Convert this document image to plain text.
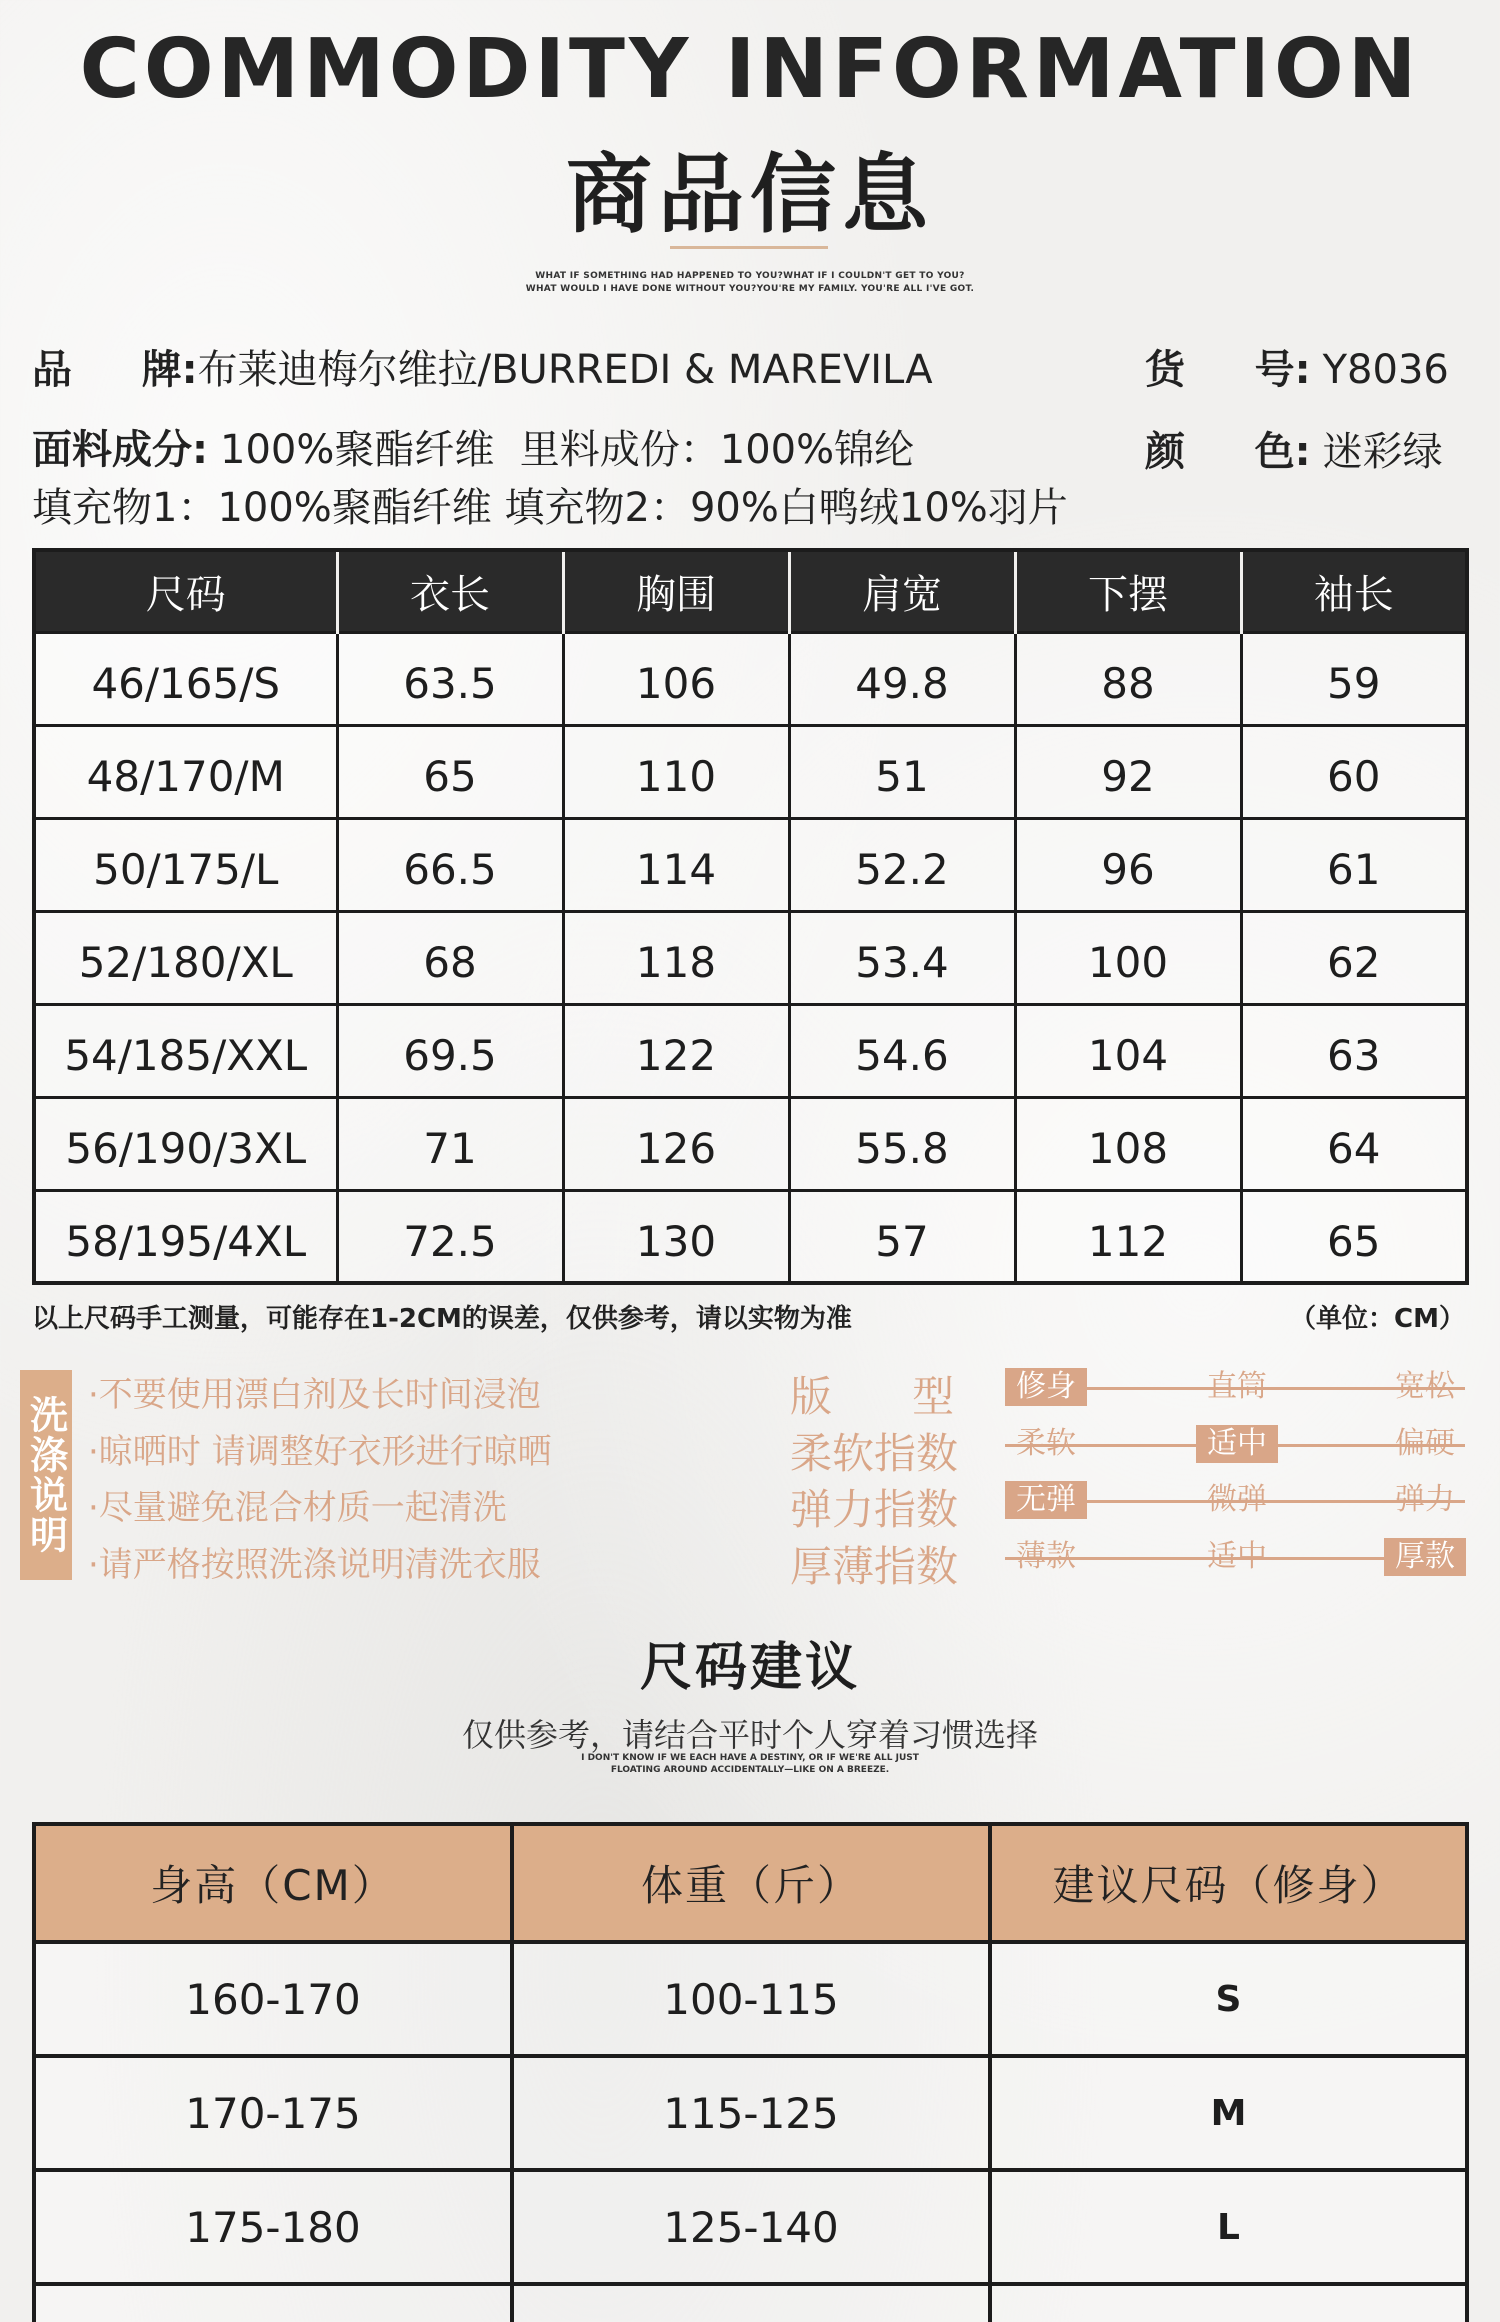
COMMODITY INFORMATION
商品信息
WHAT IF SOMETHING HAD HAPPENED TO YOU?WHAT IF I COULDN'T GET TO YOU?
WHAT WOULD I HAVE DONE WITHOUT YOU?YOU'RE MY FAMILY. YOU'RE ALL I'VE GOT.
品     牌:布莱迪梅尔维拉/BURREDI & MAREVILA	货     号: Y8036
面料成分: 100%聚酯纤维  里料成份：100%锦纶	颜     色: 迷彩绿
填充物1：100%聚酯纤维 填充物2：90%白鸭绒10%羽片
尺码	衣长	胸围	肩宽	下摆	袖长
46/165/S	63.5	106	49.8	88	59
48/170/M	65	110	51	92	60
50/175/L	66.5	114	52.2	96	61
52/180/XL	68	118	53.4	100	62
54/185/XXL	69.5	122	54.6	104	63
56/190/3XL	71	126	55.8	108	64
58/195/4XL	72.5	130	57	112	65
以上尺码手工测量，可能存在1-2CM的误差，仅供参考，请以实物为准	（单位：CM）
洗涤说明 ·不要使用漂白剂及长时间浸泡
·晾晒时 请调整好衣形进行晾晒
·尽量避免混合材质一起清洗
·请严格按照洗涤说明清洗衣服
版      型	修身	直筒	宽松
柔软指数	柔软	适中	偏硬
弹力指数	无弹	微弹	弹力
厚薄指数	薄款	适中	厚款
尺码建议
仅供参考，请结合平时个人穿着习惯选择
I DON'T KNOW IF WE EACH HAVE A DESTINY, OR IF WE'RE ALL JUST
FLOATING AROUND ACCIDENTALLY—LIKE ON A BREEZE.
身高（CM）	体重（斤）	建议尺码（修身）
160-170	100-115	S
170-175	115-125	M
175-180	125-140	L
